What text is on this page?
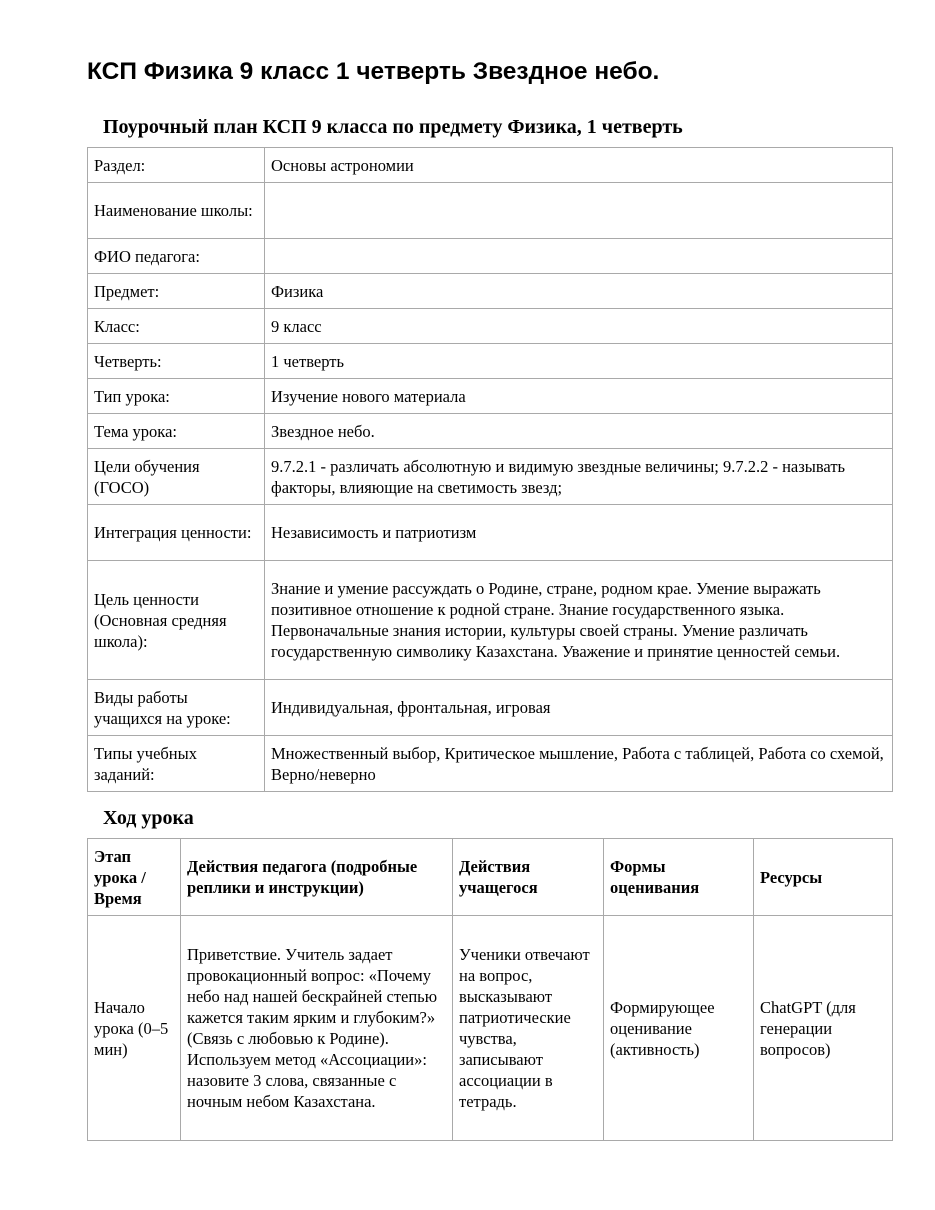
КСП Физика 9 класс 1 четверть Звездное небо.
Поурочный план КСП 9 класса по предмету Физика, 1 четверть
Раздел:	Основы астрономии
Наименование школы:	
ФИО педагога:	
Предмет:	Физика
Класс:	9 класс
Четверть:	1 четверть
Тип урока:	Изучение нового материала
Тема урока:	Звездное небо.
Цели обучения (ГОСО)	9.7.2.1 - различать абсолютную и видимую звездные величины; 9.7.2.2 - называть факторы, влияющие на светимость звезд;
Интеграция ценности:	Независимость и патриотизм
Цель ценности (Основная средняя школа):	Знание и умение рассуждать о Родине, стране, родном крае. Умение выражать позитивное отношение к родной стране. Знание государственного языка. Первоначальные знания истории, культуры своей страны. Умение различать государственную символику Казахстана. Уважение и принятие ценностей семьи.
Виды работы учащихся на уроке:	Индивидуальная, фронтальная, игровая
Типы учебных заданий:	Множественный выбор, Критическое мышление, Работа с таблицей, Работа со схемой, Верно/неверно
Ход урока
Этап урока / Время	Действия педагога (подробные реплики и инструкции)	Действия учащегося	Формы оценивания	Ресурсы
Начало урока (0–5 мин)	Приветствие. Учитель задает провокационный вопрос: «Почему небо над нашей бескрайней степью кажется таким ярким и глубоким?» (Связь с любовью к Родине). Используем метод «Ассоциации»: назовите 3 слова, связанные с ночным небом Казахстана.	Ученики отвечают на вопрос, высказывают патриотические чувства, записывают ассоциации в тетрадь.	Формирующее оценивание (активность)	ChatGPT (для генерации вопросов)
